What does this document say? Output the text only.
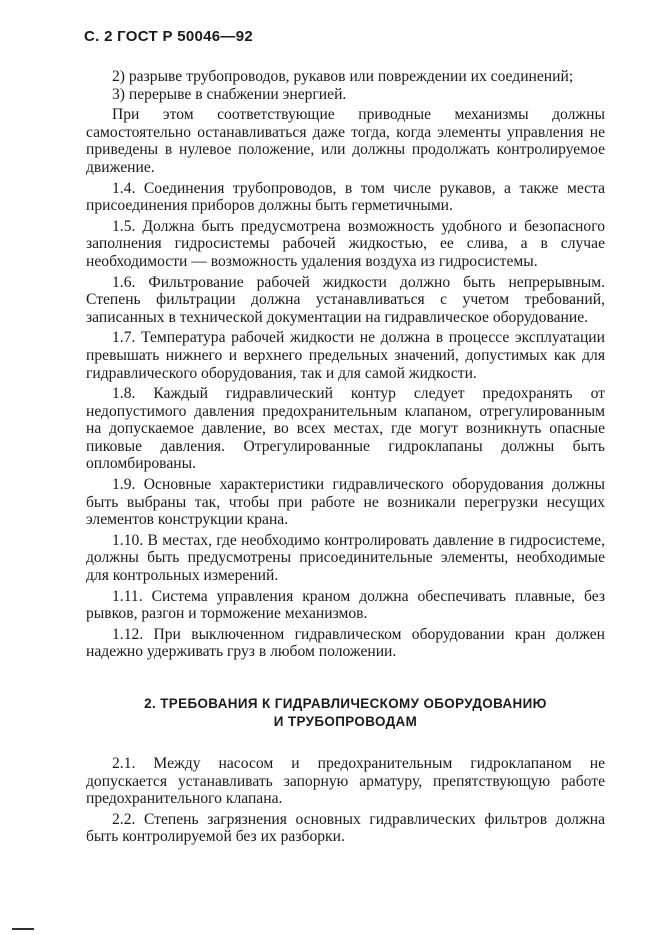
С. 2 ГОСТ Р 50046—92

2) разрыве трубопроводов, рукавов или повреждении их соединений;

3) перерыве в снабжении энергией.

При этом соответствующие приводные механизмы должны самостоятельно останавливаться даже тогда, когда элементы управления не приведены в нулевое положение, или должны продолжать контролируемое движение.

1.4. Соединения трубопроводов, в том числе рукавов, а также места присоединения приборов должны быть герметичными.

1.5. Должна быть предусмотрена возможность удобного и безопасного заполнения гидросистемы рабочей жидкостью, ее слива, а в случае необходимости — возможность удаления воздуха из гидросистемы.

1.6. Фильтрование рабочей жидкости должно быть непрерывным. Степень фильтрации должна устанавливаться с учетом требований, записанных в технической документации на гидравлическое оборудование.

1.7. Температура рабочей жидкости не должна в процессе эксплуатации превышать нижнего и верхнего предельных значений, допустимых как для гидравлического оборудования, так и для самой жидкости.

1.8. Каждый гидравлический контур следует предохранять от недопустимого давления предохранительным клапаном, отрегулированным на допускаемое давление, во всех местах, где могут возникнуть опасные пиковые давления. Отрегулированные гидроклапаны должны быть опломбированы.

1.9. Основные характеристики гидравлического оборудования должны быть выбраны так, чтобы при работе не возникали перегрузки несущих элементов конструкции крана.

1.10. В местах, где необходимо контролировать давление в гидросистеме, должны быть предусмотрены присоединительные элементы, необходимые для контрольных измерений.

1.11. Система управления краном должна обеспечивать плавные, без рывков, разгон и торможение механизмов.

1.12. При выключенном гидравлическом оборудовании кран должен надежно удерживать груз в любом положении.

2. ТРЕБОВАНИЯ К ГИДРАВЛИЧЕСКОМУ ОБОРУДОВАНИЮ
И ТРУБОПРОВОДАМ

2.1. Между насосом и предохранительным гидроклапаном не допускается устанавливать запорную арматуру, препятствующую работе предохранительного клапана.

2.2. Степень загрязнения основных гидравлических фильтров должна быть контролируемой без их разборки.
